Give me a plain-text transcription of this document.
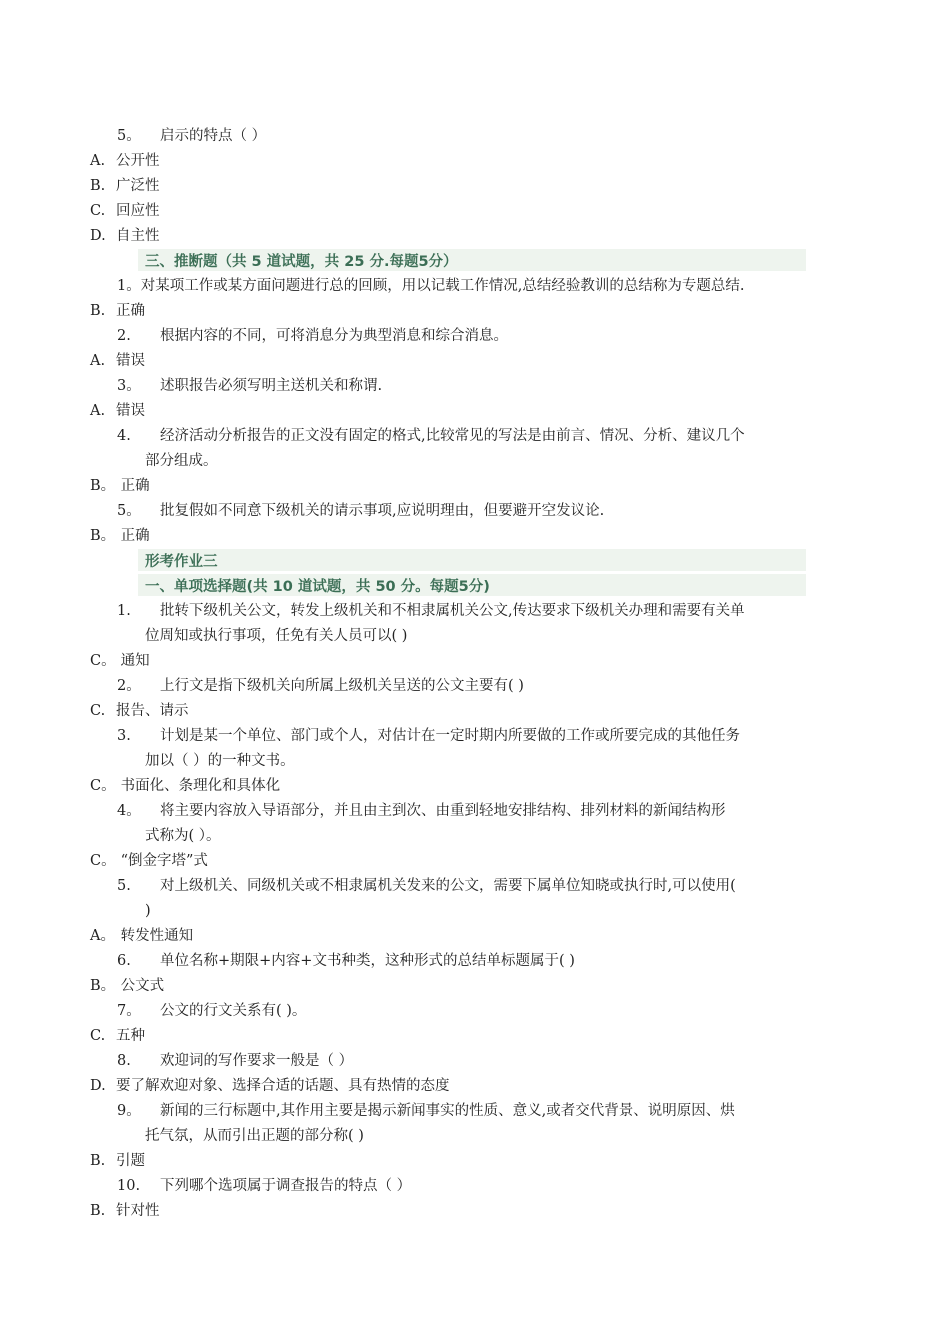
5。 启示的特点（ ）
A. 公开性
B. 广泛性
C. 回应性
D. 自主性
三、推断题（共 5 道试题，共 25 分.每题5分）
1。对某项工作或某方面问题进行总的回顾，用以记载工作情况,总结经验教训的总结称为专题总结.
B. 正确
2. 根据内容的不同，可将消息分为典型消息和综合消息。
A. 错误
3。 述职报告必须写明主送机关和称谓.
A. 错误
4. 经济活动分析报告的正文没有固定的格式,比较常见的写法是由前言、情况、分析、建议几个
部分组成。
B。 正确
5。 批复假如不同意下级机关的请示事项,应说明理由，但要避开空发议论.
B。 正确
形考作业三
一、单项选择题(共 10 道试题，共 50 分。每题5分)
1. 批转下级机关公文，转发上级机关和不相隶属机关公文,传达要求下级机关办理和需要有关单
位周知或执行事项，任免有关人员可以( )
C。 通知
2。 上行文是指下级机关向所属上级机关呈送的公文主要有( )
C. 报告、请示
3. 计划是某一个单位、部门或个人，对估计在一定时期内所要做的工作或所要完成的其他任务
加以（ ）的一种文书。
C。 书面化、条理化和具体化
4。 将主要内容放入导语部分，并且由主到次、由重到轻地安排结构、排列材料的新闻结构形
式称为( ）。
C。 “倒金字塔”式
5. 对上级机关、同级机关或不相隶属机关发来的公文，需要下属单位知晓或执行时,可以使用(
)
A。 转发性通知
6. 单位名称+期限+内容+文书种类，这种形式的总结单标题属于( )
B。 公文式
7。 公文的行文关系有( )。
C. 五种
8. 欢迎词的写作要求一般是（ ）
D. 要了解欢迎对象、选择合适的话题、具有热情的态度
9。 新闻的三行标题中,其作用主要是揭示新闻事实的性质、意义,或者交代背景、说明原因、烘
托气氛，从而引出正题的部分称( )
B. 引题
10. 下列哪个选项属于调查报告的特点（ ）
B. 针对性
